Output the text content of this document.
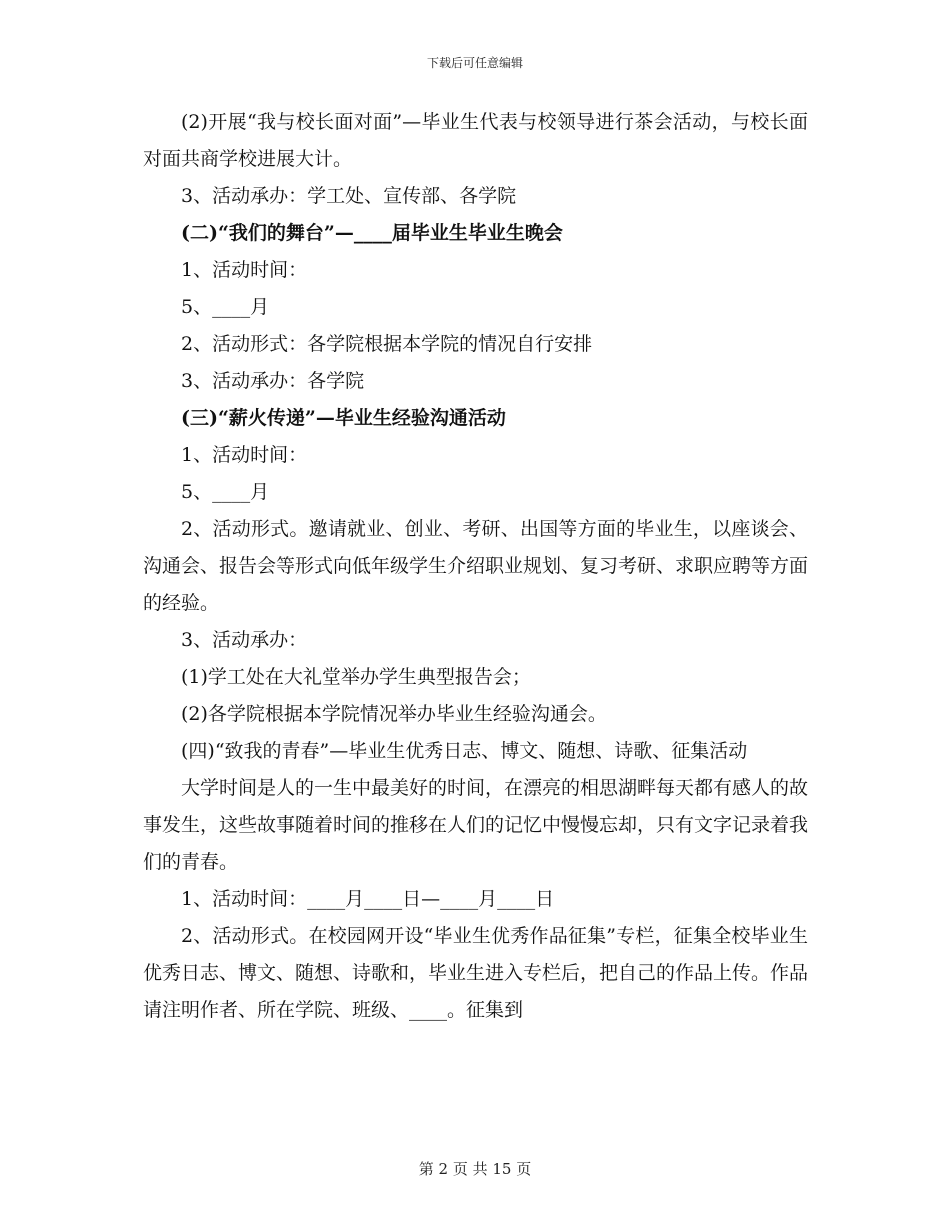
下载后可任意编辑

(2)开展“我与校长面对面”—毕业生代表与校领导进行茶会活动，与校长面对面共商学校进展大计。

3、活动承办：学工处、宣传部、各学院

(二)“我们的舞台”—____届毕业生毕业生晚会

1、活动时间：

5、____月

2、活动形式：各学院根据本学院的情况自行安排

3、活动承办：各学院

(三)“薪火传递”—毕业生经验沟通活动

1、活动时间：

5、____月

2、活动形式。邀请就业、创业、考研、出国等方面的毕业生，以座谈会、沟通会、报告会等形式向低年级学生介绍职业规划、复习考研、求职应聘等方面的经验。

3、活动承办：

(1)学工处在大礼堂举办学生典型报告会；

(2)各学院根据本学院情况举办毕业生经验沟通会。

(四)“致我的青春”—毕业生优秀日志、博文、随想、诗歌、征集活动

大学时间是人的一生中最美好的时间，在漂亮的相思湖畔每天都有感人的故事发生，这些故事随着时间的推移在人们的记忆中慢慢忘却，只有文字记录着我们的青春。

1、活动时间：____月____日—____月____日

2、活动形式。在校园网开设“毕业生优秀作品征集”专栏，征集全校毕业生优秀日志、博文、随想、诗歌和，毕业生进入专栏后，把自己的作品上传。作品请注明作者、所在学院、班级、____。征集到

第 2 页 共 15 页
